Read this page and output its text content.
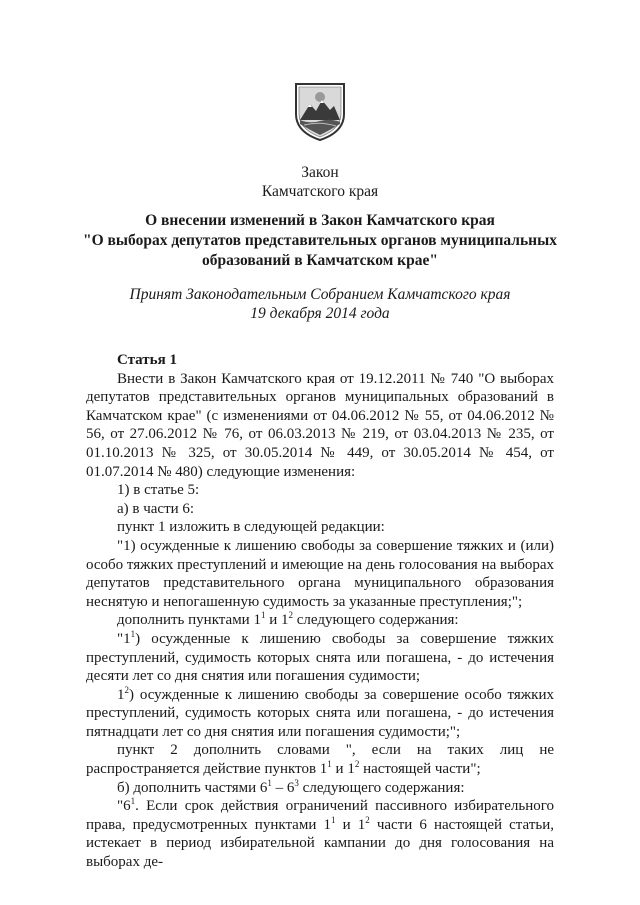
Закон
Камчатского края
О внесении изменений в Закон Камчатского края
"О выборах депутатов представительных органов муниципальных
образований в Камчатском крае"
Принят Законодательным Собранием Камчатского края
19 декабря 2014 года
Статья 1

Внести в Закон Камчатского края от 19.12.2011 № 740 "О выборах депутатов представительных органов муниципальных образований в Камчатском крае" (с изменениями от 04.06.2012 № 55, от 04.06.2012 № 56, от 27.06.2012 № 76, от 06.03.2013 № 219, от 03.04.2013 № 235, от 01.10.2013 № 325, от 30.05.2014 № 449, от 30.05.2014 № 454, от 01.07.2014 № 480) следующие изменения:

1) в статье 5:

а) в части 6:

пункт 1 изложить в следующей редакции:

"1) осужденные к лишению свободы за совершение тяжких и (или) особо тяжких преступлений и имеющие на день голосования на выборах депутатов представительного органа муниципального образования неснятую и непогашенную судимость за указанные преступления;";

дополнить пунктами $1^1$ и $1^2$ следующего содержания:

"$1^1$) осужденные к лишению свободы за совершение тяжких преступлений, судимость которых снята или погашена, - до истечения десяти лет со дня снятия или погашения судимости;

$1^2$) осужденные к лишению свободы за совершение особо тяжких преступлений, судимость которых снята или погашена, - до истечения пятнадцати лет со дня снятия или погашения судимости;";

пункт 2 дополнить словами ", если на таких лиц не распространяется действие пунктов $1^1$ и $1^2$ настоящей части";

б) дополнить частями $6^1 - 6^3$ следующего содержания:

"$6^1$. Если срок действия ограничений пассивного избирательного права, предусмотренных пунктами $1^1$ и $1^2$ части 6 настоящей статьи, истекает в период избирательной кампании до дня голосования на выборах де-
